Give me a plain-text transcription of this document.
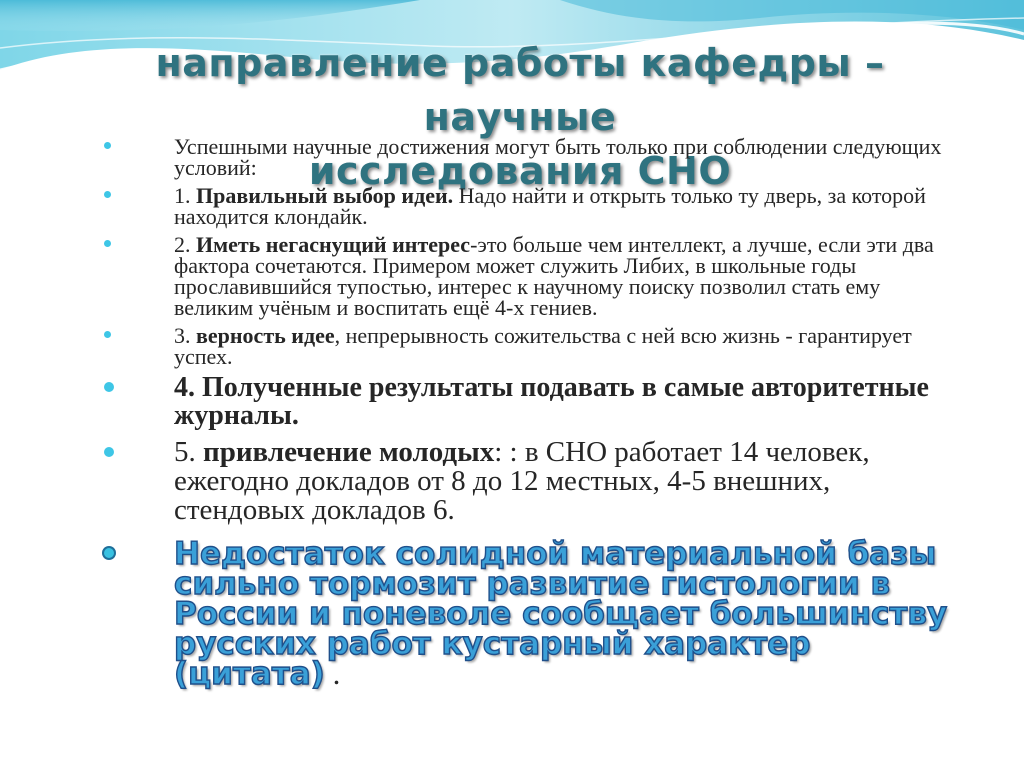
направление работы кафедры –научные
исследования СНО
Успешными научные достижения могут быть только при соблюдении следующих условий:
1. Правильный выбор идеи. Надо найти и открыть только ту дверь, за которой находится клондайк.
2. Иметь негаснущий интерес-это больше чем интеллект, а лучше, если эти два фактора сочетаются. Примером может служить Либих, в школьные годы прославившийся тупостью, интерес к научному поиску позволил стать ему великим учёным и воспитать ещё 4-х гениев.
3. верность идее, непрерывность сожительства с ней всю жизнь - гарантирует успех.
4. Полученные результаты подавать в самые авторитетные журналы.
5. привлечение молодых: : в СНО работает 14 человек, ежегодно докладов от 8 до 12 местных, 4-5 внешних, стендовых докладов 6.
Недостаток солидной материальной базы сильно тормозит развитие гистологии в России и поневоле сообщает большинству русских работ кустарный характер (цитата) .
